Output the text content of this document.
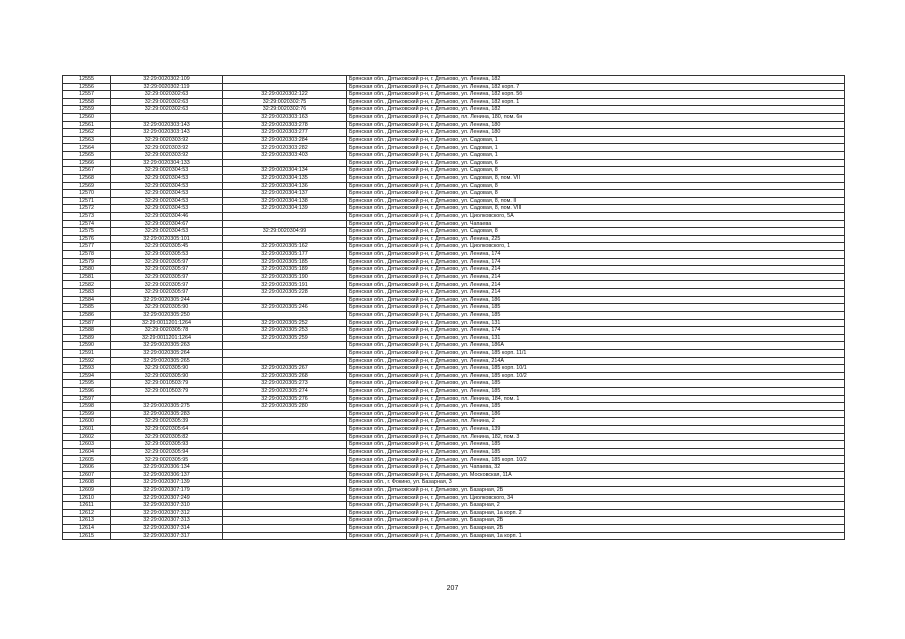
12555	32:29:0020302:109		Брянская обл., Дятьковский р-н, г. Дятьково, ул. Ленина, 182
12556	32:29:0020302:119		Брянская обл., Дятьковский р-н, г. Дятьково, ул. Ленина, 182 корп. 7
12557	32:29:0020302:63	32:29:0020302:122	Брянская обл., Дятьковский р-н, г. Дятьково, ул. Ленина, 182 корп. 5б
12558	32:29:0020302:63	32:29:0020302:75	Брянская обл., Дятьковский р-н, г. Дятьково, ул. Ленина, 182 корп. 1
12559	32:29:0020302:63	32:29:0020302:76	Брянская обл., Дятьковский р-н, г. Дятьково, ул. Ленина, 182
12560		32:29:0020303:163	Брянская обл., Дятьковский р-н, г. Дятьково, пл. Ленина, 180, пом. 6н
12561	32:29:0020303:143	32:29:0020303:278	Брянская обл., Дятьковский р-н, г. Дятьково, ул. Ленина, 180
12562	32:29:0020303:143	32:29:0020303:277	Брянская обл., Дятьковский р-н, г. Дятьково, ул. Ленина, 180
12563	32:29:0020303:92	32:29:0020303:284	Брянская обл., Дятьковский р-н, г. Дятьково, ул. Садовая, 1
12564	32:29:0020303:92	32:29:0020303:282	Брянская обл., Дятьковский р-н, г. Дятьково, ул. Садовая, 1
12565	32:29:0020303:92	32:29:0020303:403	Брянская обл., Дятьковский р-н, г. Дятьково, ул. Садовая, 1
12566	32:29:0020304:133		Брянская обл., Дятьковский р-н, г. Дятьково, ул. Садовая, 6
12567	32:29:0020304:53	32:29:0020304:134	Брянская обл., Дятьковский р-н, г. Дятьково, ул. Садовая, 8
12568	32:29:0020304:53	32:29:0020304:135	Брянская обл., Дятьковский р-н, г. Дятьково, ул. Садовая, 8, пом. VII
12569	32:29:0020304:53	32:29:0020304:136	Брянская обл., Дятьковский р-н, г. Дятьково, ул. Садовая, 8
12570	32:29:0020304:53	32:29:0020304:137	Брянская обл., Дятьковский р-н, г. Дятьково, ул. Садовая, 8
12571	32:29:0020304:53	32:29:0020304:138	Брянская обл., Дятьковский р-н, г. Дятьково, ул. Садовая, 8, пом. II
12572	32:29:0020304:53	32:29:0020304:139	Брянская обл., Дятьковский р-н, г. Дятьково, ул. Садовая, 8, пом. VIII
12573	32:29:0020304:46		Брянская обл., Дятьковский р-н, г. Дятьково, ул. Циолковского, 5А
12574	32:29:0020304:67		Брянская обл., Дятьковский р-н, г. Дятьково, ул. Чапаева
12575	32:29:0020304:53	32:29:0020304:99	Брянская обл., Дятьковский р-н, г. Дятьково, ул. Садовая, 8
12576	32:29:0020305:101		Брянская обл., Дятьковский р-н, г. Дятьково, ул. Ленина, 225
12577	32:29:0020305:45	32:29:0020305:162	Брянская обл., Дятьковский р-н, г. Дятьково, ул. Циолковского, 1
12578	32:29:0020305:53	32:29:0020305:177	Брянская обл., Дятьковский р-н, г. Дятьково, ул. Ленина, 174
12579	32:29:0020305:97	32:29:0020305:185	Брянская обл., Дятьковский р-н, г. Дятьково, ул. Ленина, 174
12580	32:29:0020305:97	32:29:0020305:189	Брянская обл., Дятьковский р-н, г. Дятьково, ул. Ленина, 214
12581	32:29:0020305:97	32:29:0020305:190	Брянская обл., Дятьковский р-н, г. Дятьково, ул. Ленина, 214
12582	32:29:0020305:97	32:29:0020305:191	Брянская обл., Дятьковский р-н, г. Дятьково, ул. Ленина, 214
12583	32:29:0020305:97	32:29:0020305:228	Брянская обл., Дятьковский р-н, г. Дятьково, ул. Ленина, 214
12584	32:29:0020305:244		Брянская обл., Дятьковский р-н, г. Дятьково, ул. Ленина, 186
12585	32:29:0020305:90	32:29:0020305:246	Брянская обл., Дятьковский р-н, г. Дятьково, ул. Ленина, 185
12586	32:29:0020305:250		Брянская обл., Дятьковский р-н, г. Дятьково, ул. Ленина, 185
12587	32:29:0011201:1264	32:29:0020305:252	Брянская обл., Дятьковский р-н, г. Дятьково, ул. Ленина, 131
12588	32:29:0020305:78	32:29:0020305:253	Брянская обл., Дятьковский р-н, г. Дятьково, ул. Ленина, 174
12589	32:29:0011201:1264	32:29:0020305:259	Брянская обл., Дятьковский р-н, г. Дятьково, ул. Ленина, 131
12590	32:29:0020305:263		Брянская обл., Дятьковский р-н, г. Дятьково, ул. Ленина, 186А
12591	32:29:0020305:264		Брянская обл., Дятьковский р-н, г. Дятьково, ул. Ленина, 185 корп. 11/1
12592	32:29:0020305:265		Брянская обл., Дятьковский р-н, г. Дятьково, ул. Ленина, 214А
12593	32:29:0020305:90	32:29:0020305:267	Брянская обл., Дятьковский р-н, г. Дятьково, ул. Ленина, 185 корп. 10/1
12594	32:29:0020305:90	32:29:0020305:268	Брянская обл., Дятьковский р-н, г. Дятьково, ул. Ленина, 185 корп. 10/2
12595	32:29:0010503:79	32:29:0020305:273	Брянская обл., Дятьковский р-н, г. Дятьково, ул. Ленина, 185
12596	32:29:0010503:79	32:29:0020305:274	Брянская обл., Дятьковский р-н, г. Дятьково, ул. Ленина, 185
12597		32:29:0020305:276	Брянская обл., Дятьковский р-н, г. Дятьково, пл. Ленина, 184, пом. 1
12598	32:29:0020305:275	32:29:0020305:280	Брянская обл., Дятьковский р-н, г. Дятьково, ул. Ленина, 185
12599	32:29:0020305:283		Брянская обл., Дятьковский р-н, г. Дятьково, ул. Ленина, 186
12600	32:29:0020305:39		Брянская обл., Дятьковский р-н, г. Дятьково, пл. Ленина, 2
12601	32:29:0020305:64		Брянская обл., Дятьковский р-н, г. Дятьково, ул. Ленина, 139
12602	32:29:0020305:82		Брянская обл., Дятьковский р-н, г. Дятьково, пл. Ленина, 182, пом. 3
12603	32:29:0020305:93		Брянская обл., Дятьковский р-н, г. Дятьково, ул. Ленина, 185
12604	32:29:0020305:94		Брянская обл., Дятьковский р-н, г. Дятьково, ул. Ленина, 185
12605	32:29:0020305:95		Брянская обл., Дятьковский р-н, г. Дятьково, ул. Ленина, 185 корп. 10/2
12606	32:29:0020306:134		Брянская обл., Дятьковский р-н, г. Дятьково, ул. Чапаева, 32
12607	32:29:0020306:137		Брянская обл., Дятьковский р-н, г. Дятьково, ул. Московская, 11А
12608	32:29:0020307:139		Брянская обл., г. Фокино, ул. Базарная, 3
12609	32:29:0020307:179		Брянская обл., Дятьковский р-н, г. Дятьково, ул. Базарная, 2Б
12610	32:29:0020307:249		Брянская обл., Дятьковский р-н, г. Дятьково, ул. Циолковского, 34
12611	32:29:0020307:310		Брянская обл., Дятьковский р-н, г. Дятьково, ул. Базарная, 2
12612	32:29:0020307:312		Брянская обл., Дятьковский р-н, г. Дятьково, ул. Базарная, 1а корп. 2
12613	32:29:0020307:313		Брянская обл., Дятьковский р-н, г. Дятьково, ул. Базарная, 2Б
12614	32:29:0020307:314		Брянская обл., Дятьковский р-н, г. Дятьково, ул. Базарная, 2Б
12615	32:29:0020307:317		Брянская обл., Дятьковский р-н, г. Дятьково, ул. Базарная, 1а корп. 1
207
